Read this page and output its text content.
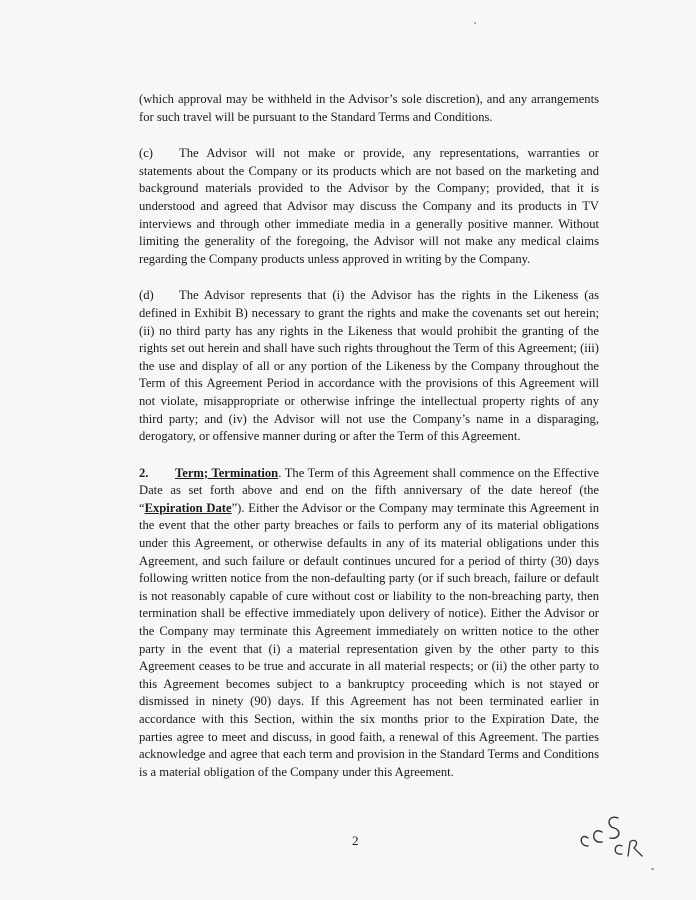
(which approval may be withheld in the Advisor’s sole discretion), and any arrangements for such travel will be pursuant to the Standard Terms and Conditions.

(c) The Advisor will not make or provide, any representations, warranties or statements about the Company or its products which are not based on the marketing and background materials provided to the Advisor by the Company; provided, that it is understood and agreed that Advisor may discuss the Company and its products in TV interviews and through other immediate media in a generally positive manner. Without limiting the generality of the foregoing, the Advisor will not make any medical claims regarding the Company products unless approved in writing by the Company.

(d) The Advisor represents that (i) the Advisor has the rights in the Likeness (as defined in Exhibit B) necessary to grant the rights and make the covenants set out herein; (ii) no third party has any rights in the Likeness that would prohibit the granting of the rights set out herein and shall have such rights throughout the Term of this Agreement; (iii) the use and display of all or any portion of the Likeness by the Company throughout the Term of this Agreement Period in accordance with the provisions of this Agreement will not violate, misappropriate or otherwise infringe the intellectual property rights of any third party; and (iv) the Advisor will not use the Company’s name in a disparaging, derogatory, or offensive manner during or after the Term of this Agreement.

2. Term; Termination. The Term of this Agreement shall commence on the Effective Date as set forth above and end on the fifth anniversary of the date hereof (the “Expiration Date”). Either the Advisor or the Company may terminate this Agreement in the event that the other party breaches or fails to perform any of its material obligations under this Agreement, or otherwise defaults in any of its material obligations under this Agreement, and such failure or default continues uncured for a period of thirty (30) days following written notice from the non-defaulting party (or if such breach, failure or default is not reasonably capable of cure without cost or liability to the non-breaching party, then termination shall be effective immediately upon delivery of notice). Either the Advisor or the Company may terminate this Agreement immediately on written notice to the other party in the event that (i) a material representation given by the other party to this Agreement ceases to be true and accurate in all material respects; or (ii) the other party to this Agreement becomes subject to a bankruptcy proceeding which is not stayed or dismissed in ninety (90) days. If this Agreement has not been terminated earlier in accordance with this Section, within the six months prior to the Expiration Date, the parties agree to meet and discuss, in good faith, a renewal of this Agreement. The parties acknowledge and agree that each term and provision in the Standard Terms and Conditions is a material obligation of the Company under this Agreement.

2
